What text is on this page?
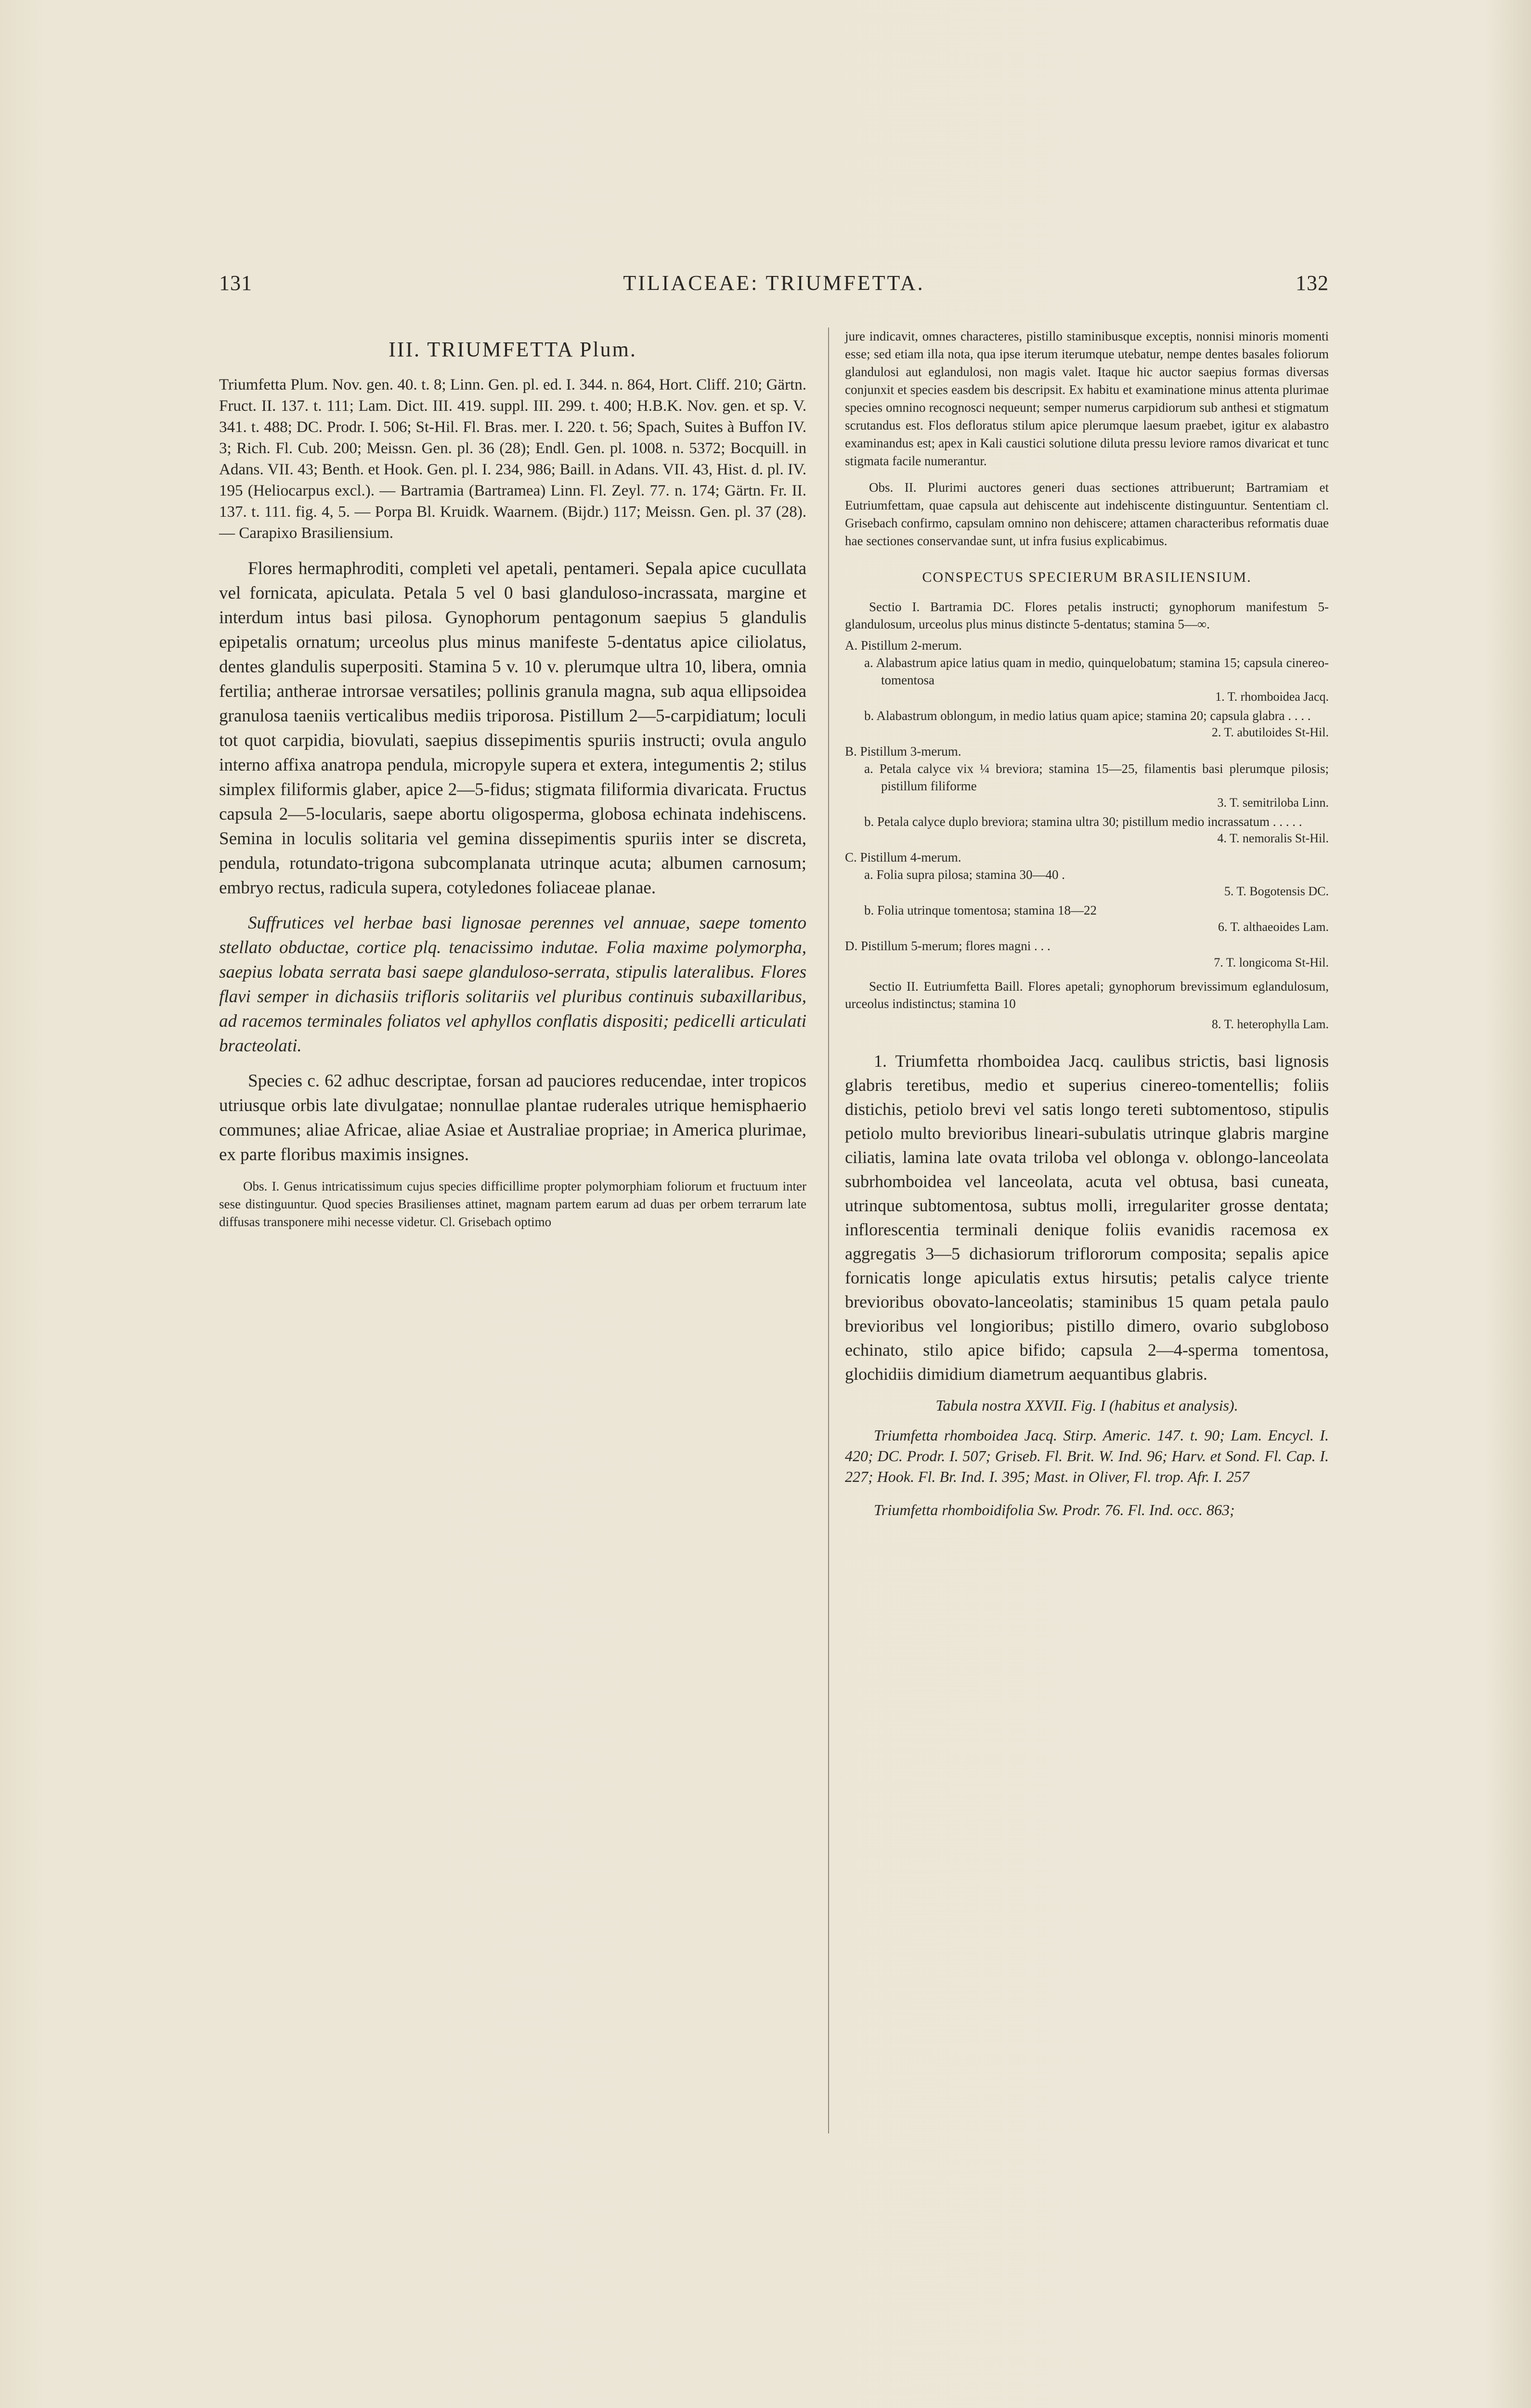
131	TILIACEAE: TRIUMFETTA.	132
III. TRIUMFETTA Plum.

Triumfetta Plum. Nov. gen. 40. t. 8; Linn. Gen. pl. ed. I. 344. n. 864, Hort. Cliff. 210; Gärtn. Fruct. II. 137. t. 111; Lam. Dict. III. 419. suppl. III. 299. t. 400; H.B.K. Nov. gen. et sp. V. 341. t. 488; DC. Prodr. I. 506; St-Hil. Fl. Bras. mer. I. 220. t. 56; Spach, Suites à Buffon IV. 3; Rich. Fl. Cub. 200; Meissn. Gen. pl. 36 (28); Endl. Gen. pl. 1008. n. 5372; Bocquill. in Adans. VII. 43; Benth. et Hook. Gen. pl. I. 234, 986; Baill. in Adans. VII. 43, Hist. d. pl. IV. 195 (Heliocarpus excl.). — Bartramia (Bartramea) Linn. Fl. Zeyl. 77. n. 174; Gärtn. Fr. II. 137. t. 111. fig. 4, 5. — Porpa Bl. Kruidk. Waarnem. (Bijdr.) 117; Meissn. Gen. pl. 37 (28). — Carapixo Brasiliensium.

Flores hermaphroditi, completi vel apetali, pentameri. Sepala apice cucullata vel fornicata, apiculata. Petala 5 vel 0 basi glanduloso-incrassata, margine et interdum intus basi pilosa. Gynophorum pentagonum saepius 5 glandulis epipetalis ornatum; urceolus plus minus manifeste 5-dentatus apice ciliolatus, dentes glandulis superpositi. Stamina 5 v. 10 v. plerumque ultra 10, libera, omnia fertilia; antherae introrsae versatiles; pollinis granula magna, sub aqua ellipsoidea granulosa taeniis verticalibus mediis triporosa. Pistillum 2—5-carpidiatum; loculi tot quot carpidia, biovulati, saepius dissepimentis spuriis instructi; ovula angulo interno affixa anatropa pendula, micropyle supera et extera, integumentis 2; stilus simplex filiformis glaber, apice 2—5-fidus; stigmata filiformia divaricata. Fructus capsula 2—5-locularis, saepe abortu oligosperma, globosa echinata indehiscens. Semina in loculis solitaria vel gemina dissepimentis spuriis inter se discreta, pendula, rotundato-trigona subcomplanata utrinque acuta; albumen carnosum; embryo rectus, radicula supera, cotyledones foliaceae planae.

Suffrutices vel herbae basi lignosae perennes vel annuae, saepe tomento stellato obductae, cortice plq. tenacissimo indutae. Folia maxime polymorpha, saepius lobata serrata basi saepe glanduloso-serrata, stipulis lateralibus. Flores flavi semper in dichasiis trifloris solitariis vel pluribus continuis subaxillaribus, ad racemos terminales foliatos vel aphyllos conflatis dispositi; pedicelli articulati bracteolati.

Species c. 62 adhuc descriptae, forsan ad pauciores reducendae, inter tropicos utriusque orbis late divulgatae; nonnullae plantae ruderales utrique hemisphaerio communes; aliae Africae, aliae Asiae et Australiae propriae; in America plurimae, ex parte floribus maximis insignes.

Obs. I. Genus intricatissimum cujus species difficillime propter polymorphiam foliorum et fructuum inter sese distinguuntur. Quod species Brasilienses attinet, magnam partem earum ad duas per orbem terrarum late diffusas transponere mihi necesse videtur. Cl. Grisebach optimo

jure indicavit, omnes characteres, pistillo staminibusque exceptis, nonnisi minoris momenti esse; sed etiam illa nota, qua ipse iterum iterumque utebatur, nempe dentes basales foliorum glandulosi aut eglandulosi, non magis valet. Itaque hic auctor saepius formas diversas conjunxit et species easdem bis descripsit. Ex habitu et examinatione minus attenta plurimae species omnino recognosci nequeunt; semper numerus carpidiorum sub anthesi et stigmatum scrutandus est. Flos defloratus stilum apice plerumque laesum praebet, igitur ex alabastro examinandus est; apex in Kali caustici solutione diluta pressu leviore ramos divaricat et tunc stigmata facile numerantur.

Obs. II. Plurimi auctores generi duas sectiones attribuerunt; Bartramiam et Eutriumfettam, quae capsula aut dehiscente aut indehiscente distinguuntur. Sententiam cl. Grisebach confirmo, capsulam omnino non dehiscere; attamen characteribus reformatis duae hae sectiones conservandae sunt, ut infra fusius explicabimus.

CONSPECTUS SPECIERUM BRASILIENSIUM.

Sectio I. Bartramia DC. Flores petalis instructi; gynophorum manifestum 5-glandulosum, urceolus plus minus distincte 5-dentatus; stamina 5—∞.

A. Pistillum 2-merum.

a. Alabastrum apice latius quam in medio, quinquelobatum; stamina 15; capsula cinereo-tomentosa

1. T. rhomboidea Jacq.

b. Alabastrum oblongum, in medio latius quam apice; stamina 20; capsula glabra . . . .

2. T. abutiloides St-Hil.

B. Pistillum 3-merum.

a. Petala calyce vix ¼ breviora; stamina 15—25, filamentis basi plerumque pilosis; pistillum filiforme

3. T. semitriloba Linn.

b. Petala calyce duplo breviora; stamina ultra 30; pistillum medio incrassatum . . . . .

4. T. nemoralis St-Hil.

C. Pistillum 4-merum.

a. Folia supra pilosa; stamina 30—40 .

5. T. Bogotensis DC.

b. Folia utrinque tomentosa; stamina 18—22

6. T. althaeoides Lam.

D. Pistillum 5-merum; flores magni . . .

7. T. longicoma St-Hil.

Sectio II. Eutriumfetta Baill. Flores apetali; gynophorum brevissimum eglandulosum, urceolus indistinctus; stamina 10

8. T. heterophylla Lam.

1. Triumfetta rhomboidea Jacq. caulibus strictis, basi lignosis glabris teretibus, medio et superius cinereo-tomentellis; foliis distichis, petiolo brevi vel satis longo tereti subtomentoso, stipulis petiolo multo brevioribus lineari-subulatis utrinque glabris margine ciliatis, lamina late ovata triloba vel oblonga v. oblongo-lanceolata subrhomboidea vel lanceolata, acuta vel obtusa, basi cuneata, utrinque subtomentosa, subtus molli, irregulariter grosse dentata; inflorescentia terminali denique foliis evanidis racemosa ex aggregatis 3—5 dichasiorum triflororum composita; sepalis apice fornicatis longe apiculatis extus hirsutis; petalis calyce triente brevioribus obovato-lanceolatis; staminibus 15 quam petala paulo brevioribus vel longioribus; pistillo dimero, ovario subgloboso echinato, stilo apice bifido; capsula 2—4-sperma tomentosa, glochidiis dimidium diametrum aequantibus glabris.

Tabula nostra XXVII. Fig. I (habitus et analysis).

Triumfetta rhomboidea Jacq. Stirp. Americ. 147. t. 90; Lam. Encycl. I. 420; DC. Prodr. I. 507; Griseb. Fl. Brit. W. Ind. 96; Harv. et Sond. Fl. Cap. I. 227; Hook. Fl. Br. Ind. I. 395; Mast. in Oliver, Fl. trop. Afr. I. 257

Triumfetta rhomboidifolia Sw. Prodr. 76. Fl. Ind. occ. 863;
